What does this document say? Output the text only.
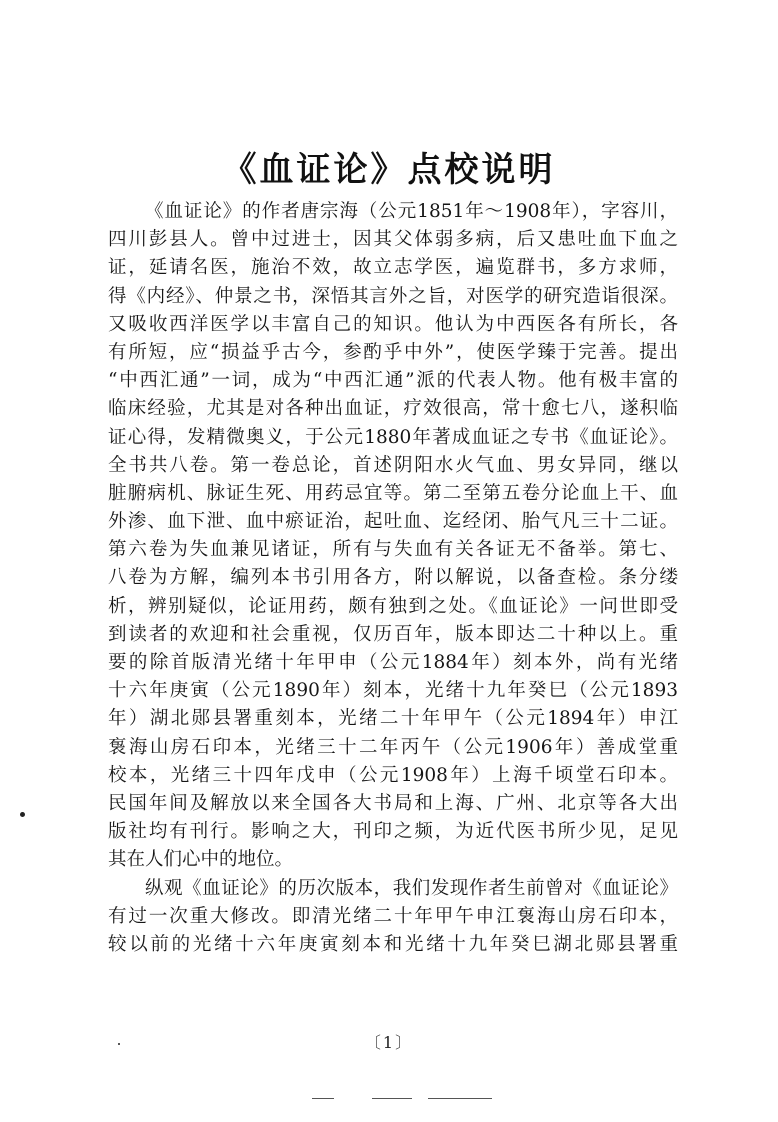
《血证论》点校说明
《血证论》的作者唐宗海（公元1851年～1908年），字容川，
四川彭县人。曾中过进士，因其父体弱多病，后又患吐血下血之
证，延请名医，施治不效，故立志学医，遍览群书，多方求师，
得《内经》、仲景之书，深悟其言外之旨，对医学的研究造诣很深。
又吸收西洋医学以丰富自己的知识。他认为中西医各有所长，各
有所短，应“损益乎古今，参酌乎中外”，使医学臻于完善。提出
“中西汇通”一词，成为“中西汇通”派的代表人物。他有极丰富的
临床经验，尤其是对各种出血证，疗效很高，常十愈七八，遂积临
证心得，发精微奥义，于公元1880年著成血证之专书《血证论》。
全书共八卷。第一卷总论，首述阴阳水火气血、男女异同，继以
脏腑病机、脉证生死、用药忌宜等。第二至第五卷分论血上干、血
外渗、血下泄、血中瘀证治，起吐血、迄经闭、胎气凡三十二证。
第六卷为失血兼见诸证，所有与失血有关各证无不备举。第七、
八卷为方解，编列本书引用各方，附以解说，以备查检。条分缕
析，辨别疑似，论证用药，颇有独到之处。《血证论》一问世即受
到读者的欢迎和社会重视，仅历百年，版本即达二十种以上。重
要的除首版清光绪十年甲申（公元1884年）刻本外，尚有光绪
十六年庚寅（公元1890年）刻本，光绪十九年癸巳（公元1893
年）湖北郧县署重刻本，光绪二十年甲午（公元1894年）申江
袌海山房石印本，光绪三十二年丙午（公元1906年）善成堂重
校本，光绪三十四年戊申（公元1908年）上海千顷堂石印本。
民国年间及解放以来全国各大书局和上海、广州、北京等各大出
版社均有刊行。影响之大，刊印之频，为近代医书所少见，足见
其在人们心中的地位。
纵观《血证论》的历次版本，我们发现作者生前曾对《血证论》
有过一次重大修改。即清光绪二十年甲午申江袌海山房石印本，
较以前的光绪十六年庚寅刻本和光绪十九年癸巳湖北郧县署重
〔1〕
